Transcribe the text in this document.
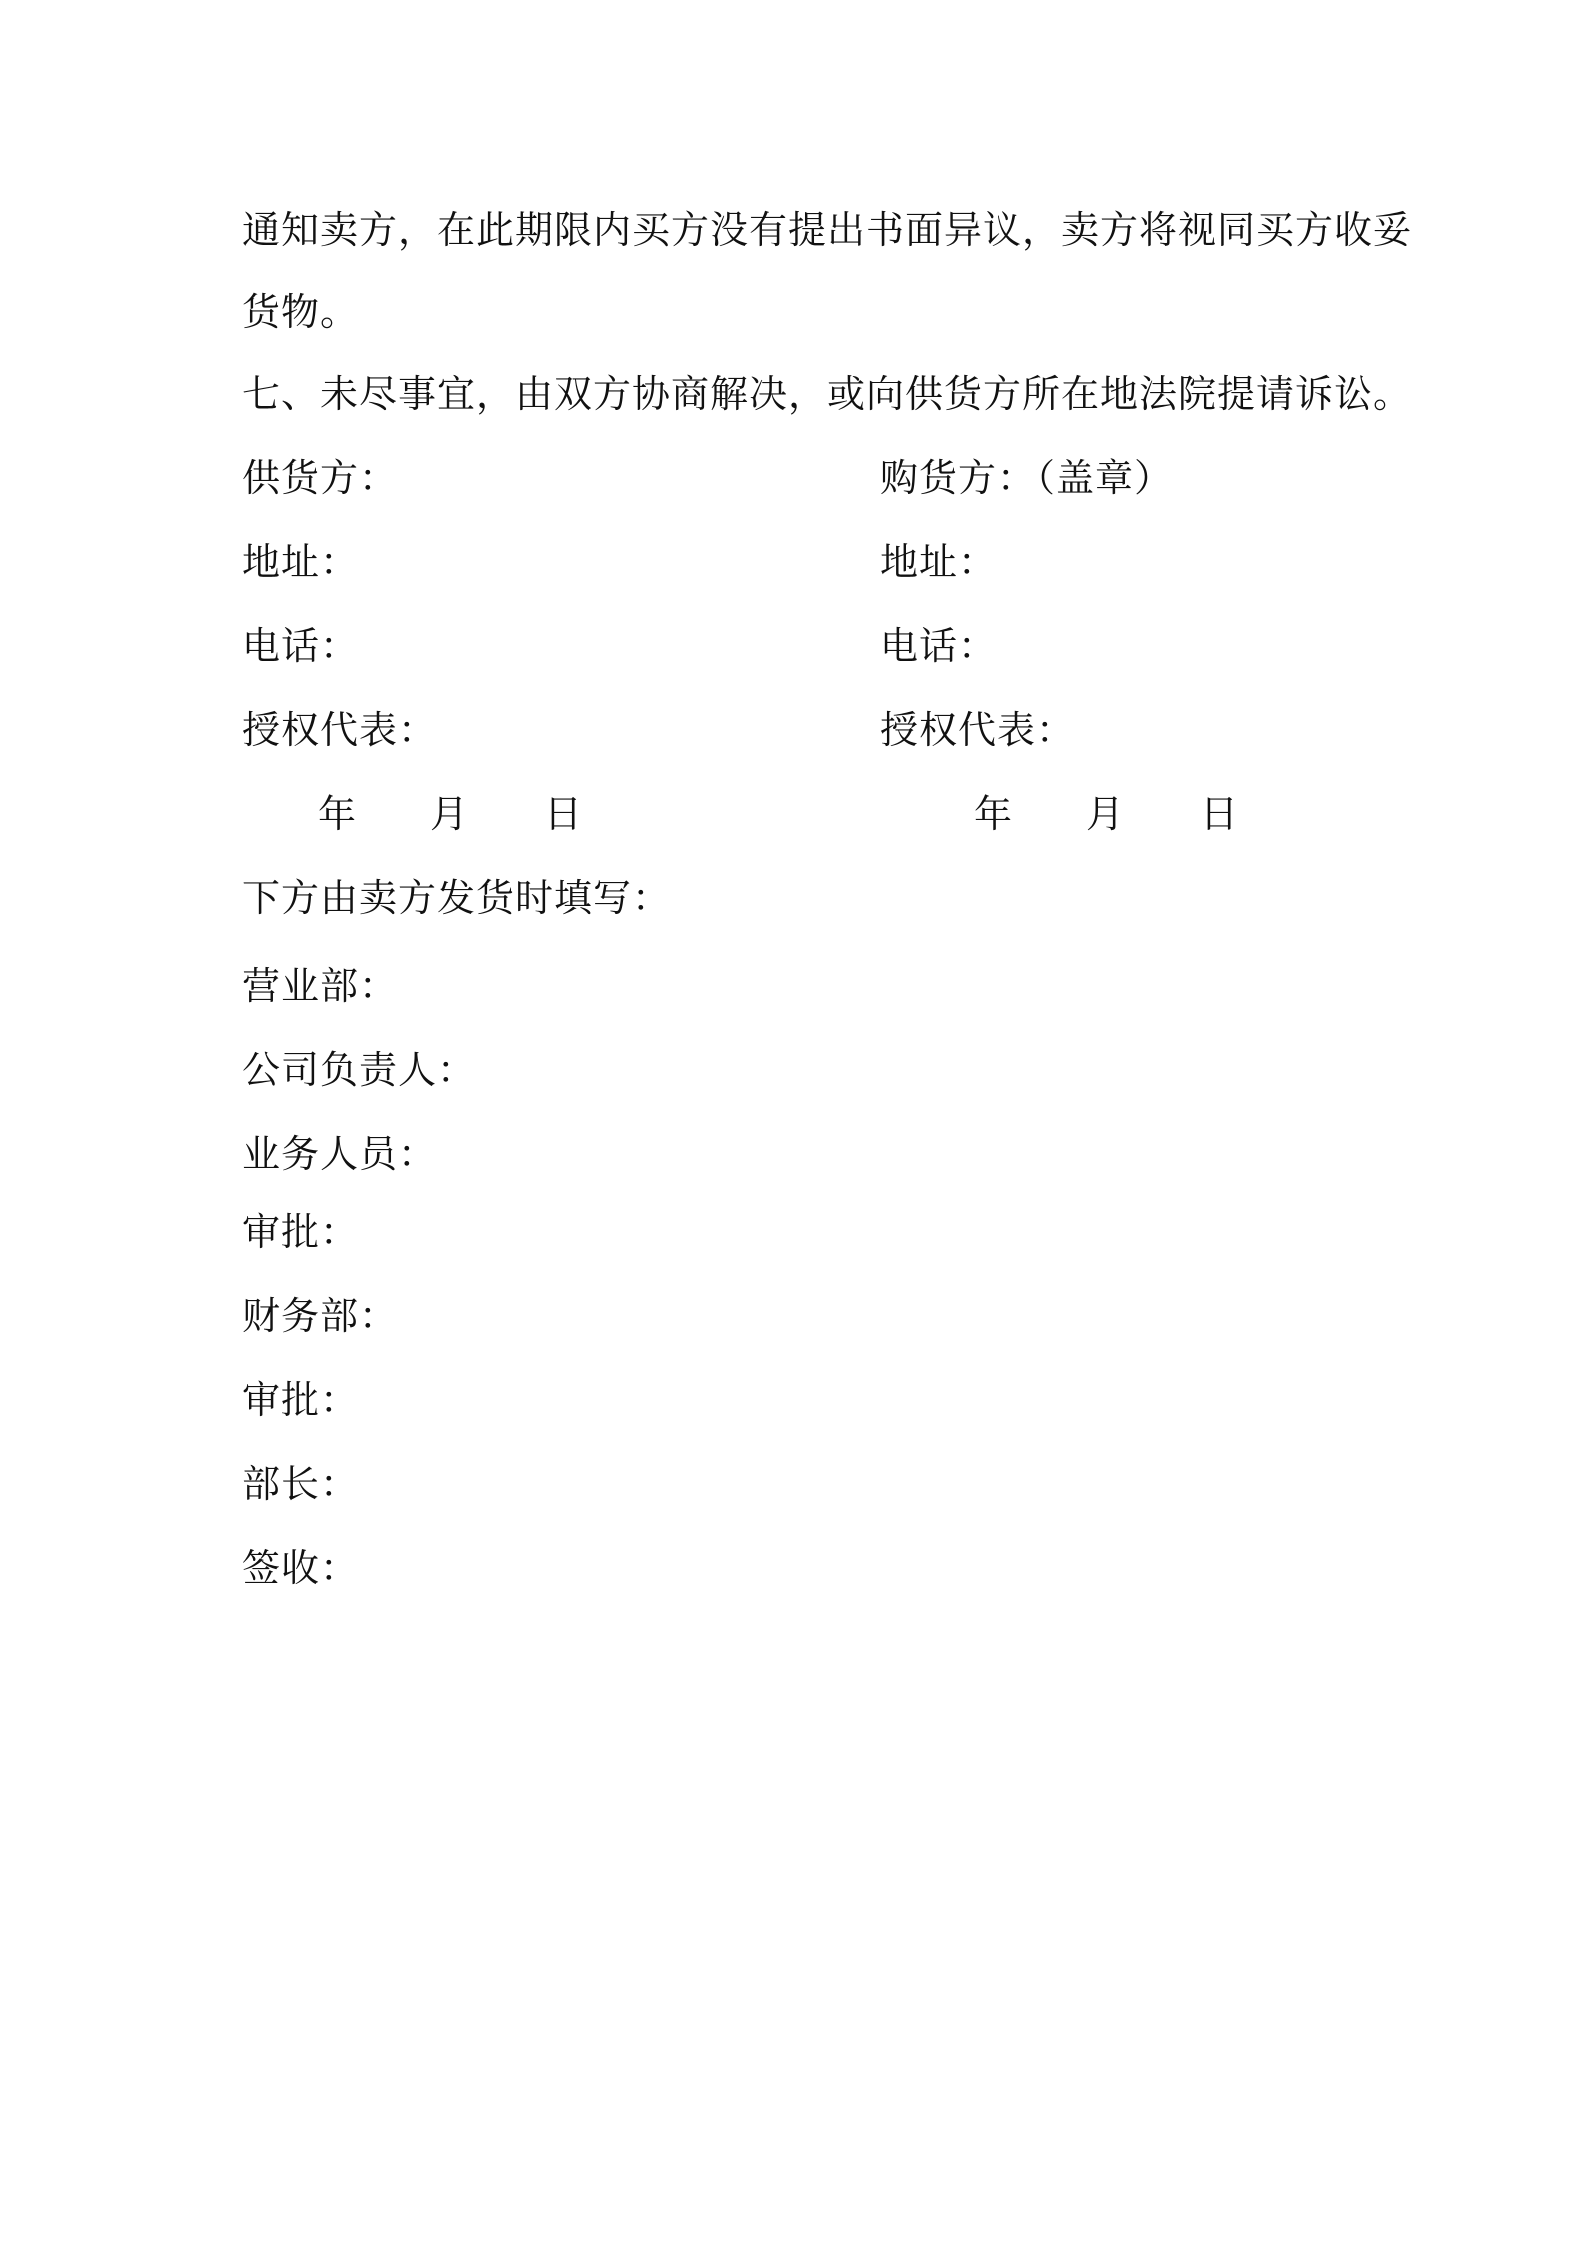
通知卖方，在此期限内买方没有提出书面异议，卖方将视同买方收妥
货物。
七、未尽事宜，由双方协商解决，或向供货方所在地法院提请诉讼。
供货方：	购货方：（盖章）
地址：	地址：
电话：	电话：
授权代表：	授权代表：
年 月 日	年 月 日
下方由卖方发货时填写：
营业部：
公司负责人：
业务人员：
审批：
财务部：
审批：
部长：
签收：
